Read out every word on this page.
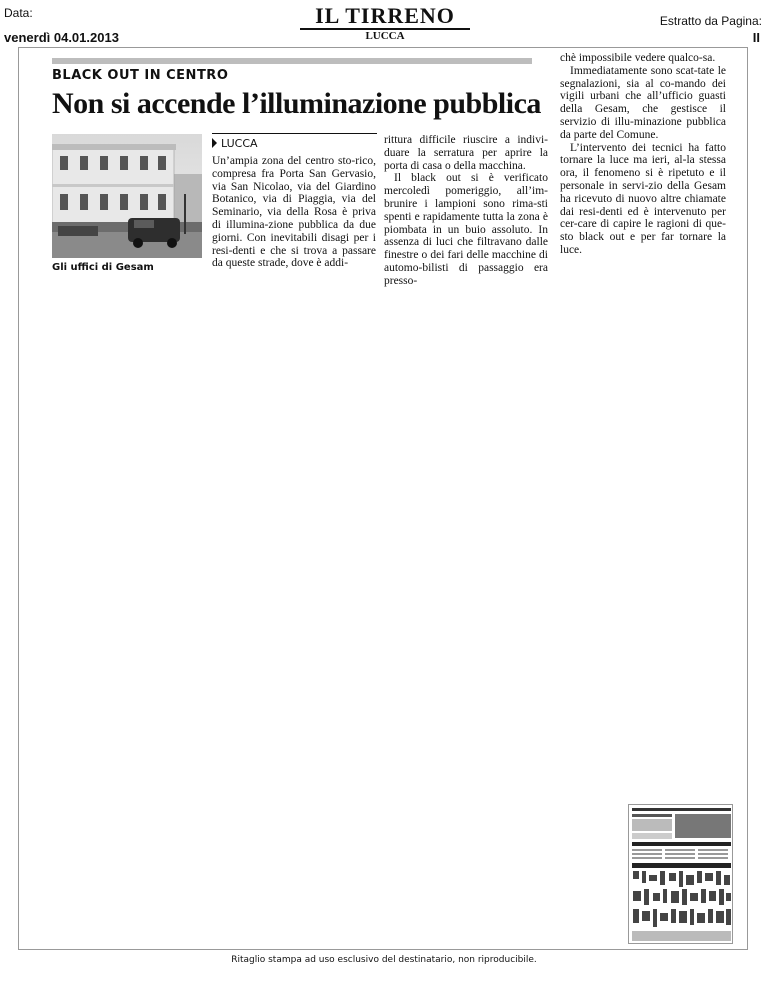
Data:
venerdì 04.01.2013
IL TIRRENO
LUCCA
Estratto da Pagina:
II
BLACK OUT IN CENTRO
Non si accende l’illuminazione pubblica
Gli uffici di Gesam
LUCCA

Un’ampia zona del centro sto-rico, compresa fra Porta San Gervasio, via San Nicolao, via del Giardino Botanico, via di Piaggia, via del Seminario, via della Rosa è priva di illumina-zione pubblica da due giorni. Con inevitabili disagi per i resi-denti e che si trova a passare da queste strade, dove è addi-

rittura difficile riuscire a indivi-duare la serratura per aprire la porta di casa o della macchina.

Il black out si è verificato mercoledì pomeriggio, all’im-brunire i lampioni sono rima-sti spenti e rapidamente tutta la zona è piombata in un buio assoluto. In assenza di luci che filtravano dalle finestre o dei fari delle macchine di automo-bilisti di passaggio era presso-

chè impossibile vedere qualco-sa.

Immediatamente sono scat-tate le segnalazioni, sia al co-mando dei vigili urbani che all’ufficio guasti della Gesam, che gestisce il servizio di illu-minazione pubblica da parte del Comune.

L’intervento dei tecnici ha fatto tornare la luce ma ieri, al-la stessa ora, il fenomeno si è ripetuto e il personale in servi-zio della Gesam ha ricevuto di nuovo altre chiamate dai resi-denti ed è intervenuto per cer-care di capire le ragioni di que-sto black out e per far tornare la luce.

Ritaglio stampa ad uso esclusivo del destinatario, non riproducibile.
